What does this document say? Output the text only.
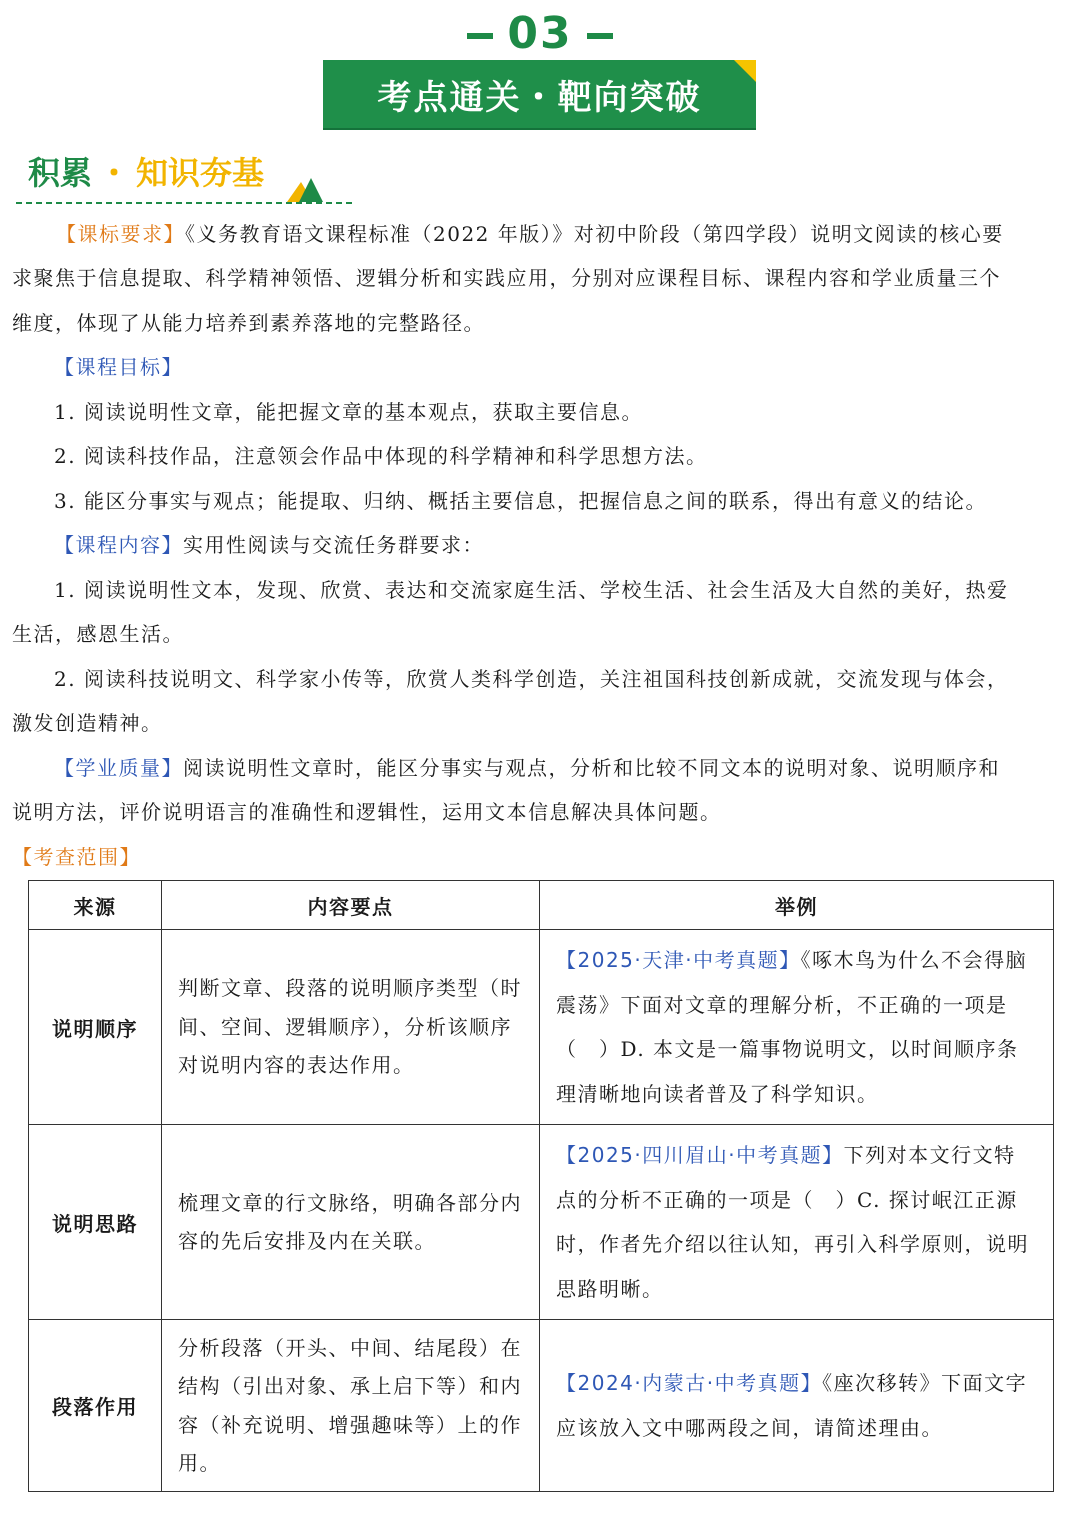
03
考点通关・靶向突破
积累 ・ 知识夯基
【课标要求】《义务教育语文课程标准（2022 年版）》对初中阶段（第四学段）说明文阅读的核心要
求聚焦于信息提取、科学精神领悟、逻辑分析和实践应用，分别对应课程目标、课程内容和学业质量三个
维度，体现了从能力培养到素养落地的完整路径。
【课程目标】
1. 阅读说明性文章，能把握文章的基本观点，获取主要信息。
2. 阅读科技作品，注意领会作品中体现的科学精神和科学思想方法。
3. 能区分事实与观点；能提取、归纳、概括主要信息，把握信息之间的联系，得出有意义的结论。
【课程内容】实用性阅读与交流任务群要求：
1. 阅读说明性文本，发现、欣赏、表达和交流家庭生活、学校生活、社会生活及大自然的美好，热爱
生活，感恩生活。
2. 阅读科技说明文、科学家小传等，欣赏人类科学创造，关注祖国科技创新成就，交流发现与体会，
激发创造精神。
【学业质量】阅读说明性文章时，能区分事实与观点，分析和比较不同文本的说明对象、说明顺序和
说明方法，评价说明语言的准确性和逻辑性，运用文本信息解决具体问题。
【考查范围】
来源	内容要点	举例
说明顺序	判断文章、段落的说明顺序类型（时间、空间、逻辑顺序），分析该顺序对说明内容的表达作用。	【2025·天津·中考真题】《啄木鸟为什么不会得脑震荡》下面对文章的理解分析，不正确的一项是（　）D. 本文是一篇事物说明文，以时间顺序条理清晰地向读者普及了科学知识。
说明思路	梳理文章的行文脉络，明确各部分内容的先后安排及内在关联。	【2025·四川眉山·中考真题】下列对本文行文特点的分析不正确的一项是（　）C. 探讨岷江正源时，作者先介绍以往认知，再引入科学原则，说明思路明晰。
段落作用	分析段落（开头、中间、结尾段）在结构（引出对象、承上启下等）和内容（补充说明、增强趣味等）上的作用。	【2024·内蒙古·中考真题】《座次移转》下面文字应该放入文中哪两段之间，请简述理由。
